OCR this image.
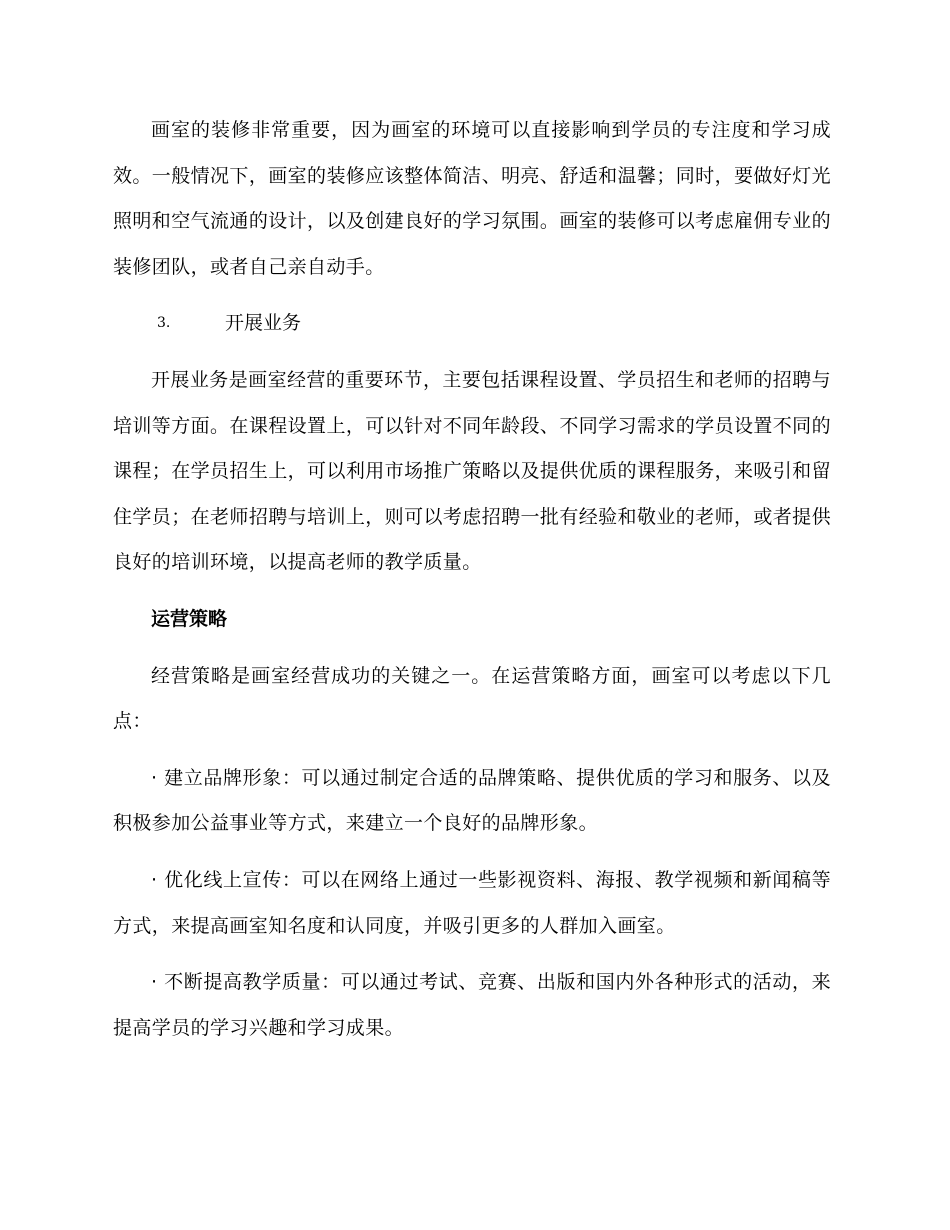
画室的装修非常重要，因为画室的环境可以直接影响到学员的专注度和学习成效。一般情况下，画室的装修应该整体简洁、明亮、舒适和温馨；同时，要做好灯光照明和空气流通的设计，以及创建良好的学习氛围。画室的装修可以考虑雇佣专业的装修团队，或者自己亲自动手。

3.	开展业务

开展业务是画室经营的重要环节，主要包括课程设置、学员招生和老师的招聘与培训等方面。在课程设置上，可以针对不同年龄段、不同学习需求的学员设置不同的课程；在学员招生上，可以利用市场推广策略以及提供优质的课程服务，来吸引和留住学员；在老师招聘与培训上，则可以考虑招聘一批有经验和敬业的老师，或者提供良好的培训环境，以提高老师的教学质量。

运营策略

经营策略是画室经营成功的关键之一。在运营策略方面，画室可以考虑以下几点：

· 建立品牌形象：可以通过制定合适的品牌策略、提供优质的学习和服务、以及积极参加公益事业等方式，来建立一个良好的品牌形象。

· 优化线上宣传：可以在网络上通过一些影视资料、海报、教学视频和新闻稿等方式，来提高画室知名度和认同度，并吸引更多的人群加入画室。

· 不断提高教学质量：可以通过考试、竞赛、出版和国内外各种形式的活动，来提高学员的学习兴趣和学习成果。
